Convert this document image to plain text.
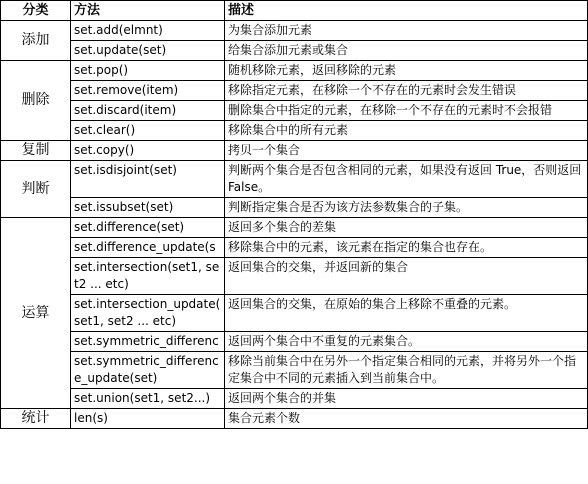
分类	方法	描述
添加	set.add(elmnt)	为集合添加元素
	set.update(set)	给集合添加元素或集合
删除	set.pop()	随机移除元素，返回移除的元素
	set.remove(item)	移除指定元素，在移除一个不存在的元素时会发生错误
	set.discard(item)	删除集合中指定的元素，在移除一个不存在的元素时不会报错
	set.clear()	移除集合中的所有元素
复制	set.copy()	拷贝一个集合
判断	set.isdisjoint(set)	判断两个集合是否包含相同的元素，如果没有返回 True，否则返回 False。
	set.issubset(set)	判断指定集合是否为该方法参数集合的子集。
运算	set.difference(set)	返回多个集合的差集
	set.difference_update(s	移除集合中的元素，该元素在指定的集合也存在。
	set.intersection(set1, set2 ... etc)	返回集合的交集，并返回新的集合
	set.intersection_update( set1, set2 ... etc)	返回集合的交集，在原始的集合上移除不重叠的元素。
	set.symmetric_differenc	返回两个集合中不重复的元素集合。
	set.symmetric_difference_update(set)	移除当前集合中在另外一个指定集合相同的元素，并将另外一个指定集合中不同的元素插入到当前集合中。
	set.union(set1, set2...)	返回两个集合的并集
统计	len(s)	集合元素个数
